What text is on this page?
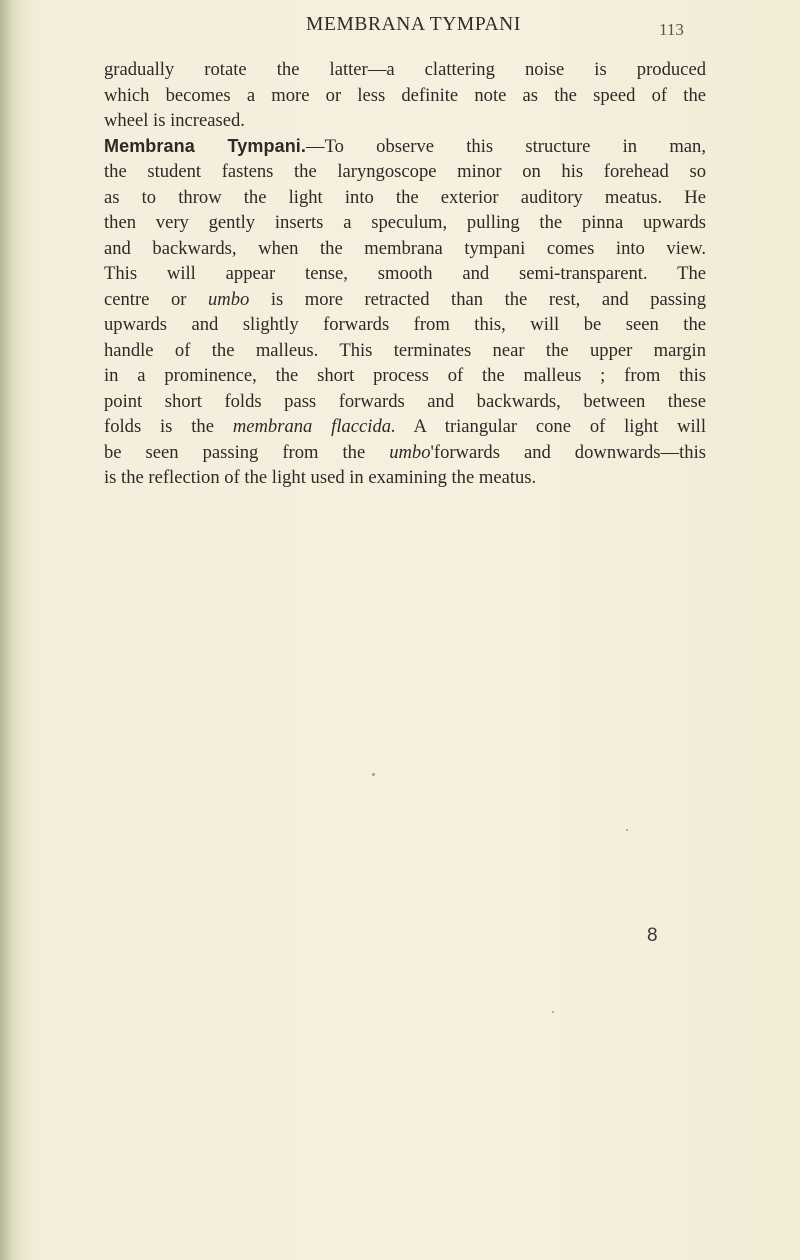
MEMBRANA TYMPANI	113
gradually rotate the latter—a clattering noise is produced
which becomes a more or less definite note as the speed of the
wheel is increased.
Membrana Tympani.—To observe this structure in man,
the student fastens the laryngoscope minor on his forehead so
as to throw the light into the exterior auditory meatus. He
then very gently inserts a speculum, pulling the pinna upwards
and backwards, when the membrana tympani comes into view.
This will appear tense, smooth and semi-transparent. The
centre or umbo is more retracted than the rest, and passing
upwards and slightly forwards from this, will be seen the
handle of the malleus. This terminates near the upper margin
in a prominence, the short process of the malleus ; from this
point short folds pass forwards and backwards, between these
folds is the membrana flaccida. A triangular cone of light will
be seen passing from the umbo'forwards and downwards—this
is the reflection of the light used in examining the meatus.
8
